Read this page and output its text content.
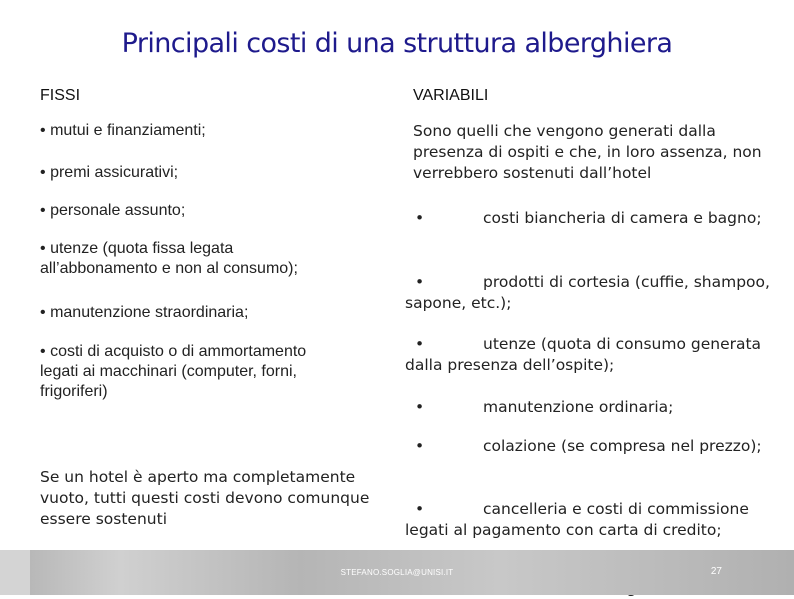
Principali costi di una struttura alberghiera
FISSI	VARIABILI
• mutui e finanziamenti;
• premi assicurativi;
• personale assunto;
• utenze (quota fissa legata
all’abbonamento e non al consumo);
• manutenzione straordinaria;
• costi di acquisto o di ammortamento
legati ai macchinari (computer, forni,
frigoriferi)
Sono quelli che vengono generati dalla presenza di ospiti e che, in loro assenza, non verrebbero sostenuti dall’hotel
•	costi biancheria di camera e bagno;
•	prodotti di cortesia (cuffie, shampoo, sapone, etc.);
•	utenze (quota di consumo generata dalla presenza dell’ospite);
•	manutenzione ordinaria;
•	colazione (se compresa nel prezzo);
•	cancelleria e costi di commissione legati al pagamento con carta di credito;
Se un hotel è aperto ma completamente vuoto, tutti questi costi devono comunque essere sostenuti
STEFANO.SOGLIA@UNISI.IT	27
